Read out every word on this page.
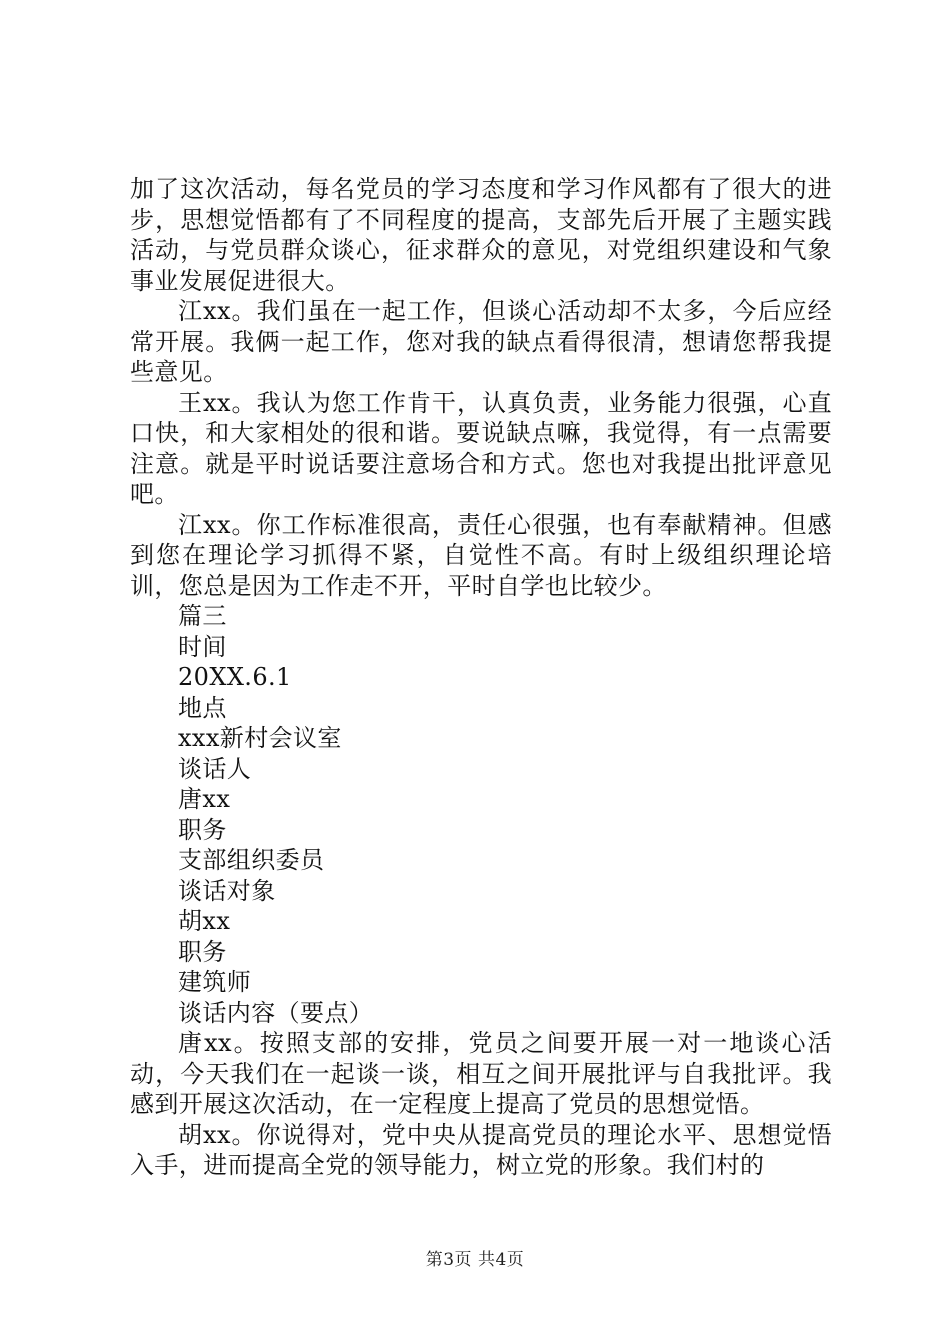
加了这次活动，每名党员的学习态度和学习作风都有了很大的进步，思想觉悟都有了不同程度的提高，支部先后开展了主题实践活动，与党员群众谈心，征求群众的意见，对党组织建设和气象事业发展促进很大。

江xx。我们虽在一起工作，但谈心活动却不太多，今后应经常开展。我俩一起工作，您对我的缺点看得很清，想请您帮我提些意见。

王xx。我认为您工作肯干，认真负责，业务能力很强，心直口快，和大家相处的很和谐。要说缺点嘛，我觉得，有一点需要注意。就是平时说话要注意场合和方式。您也对我提出批评意见吧。

江xx。你工作标准很高，责任心很强，也有奉献精神。但感到您在理论学习抓得不紧，自觉性不高。有时上级组织理论培训，您总是因为工作走不开，平时自学也比较少。

篇三

时间

20XX.6.1

地点

xxx新村会议室

谈话人

唐xx

职务

支部组织委员

谈话对象

胡xx

职务

建筑师

谈话内容（要点）

唐xx。按照支部的安排，党员之间要开展一对一地谈心活动，今天我们在一起谈一谈，相互之间开展批评与自我批评。我感到开展这次活动，在一定程度上提高了党员的思想觉悟。

胡xx。你说得对，党中央从提高党员的理论水平、思想觉悟入手，进而提高全党的领导能力，树立党的形象。我们村的

第3页 共4页
